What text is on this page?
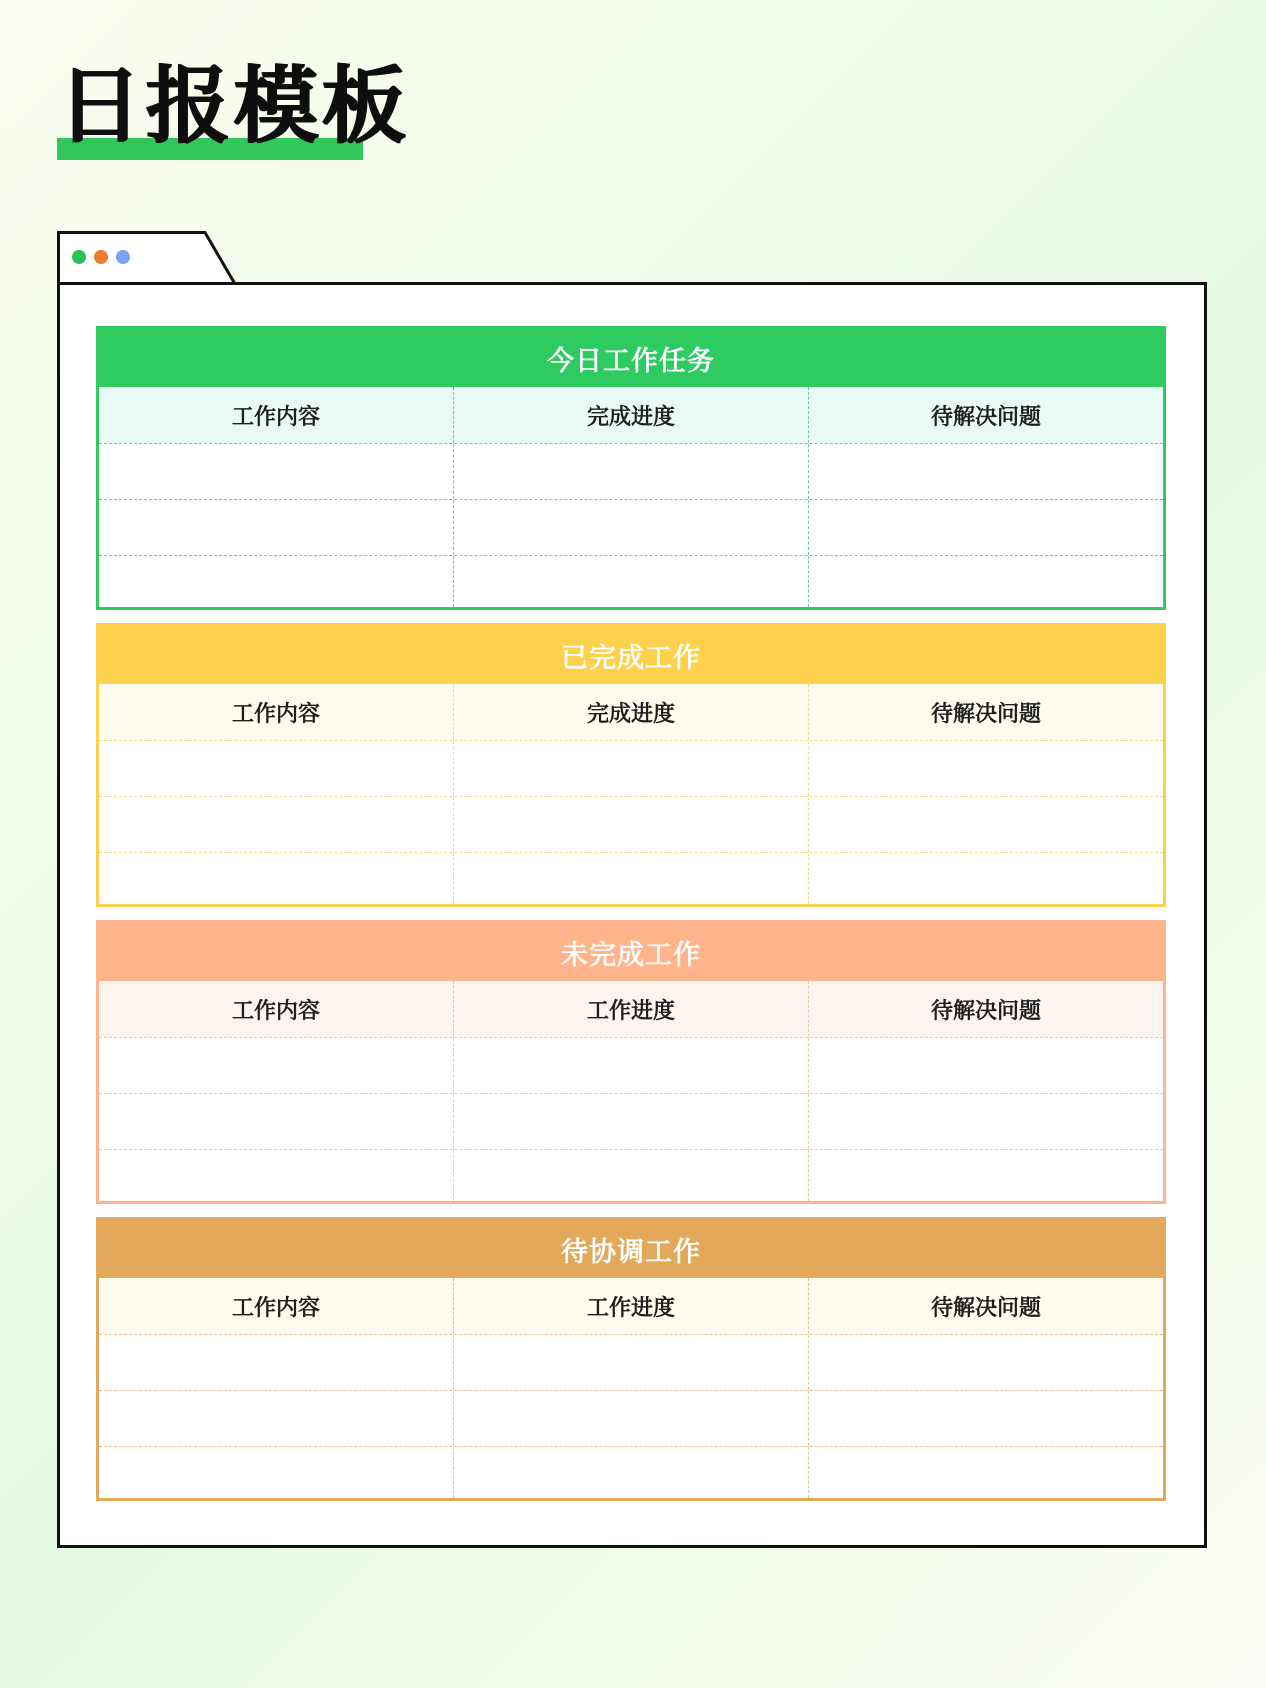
日报模板
今日工作任务
工作内容	完成进度	待解决问题
已完成工作
工作内容	完成进度	待解决问题
未完成工作
工作内容	工作进度	待解决问题
待协调工作
工作内容	工作进度	待解决问题
